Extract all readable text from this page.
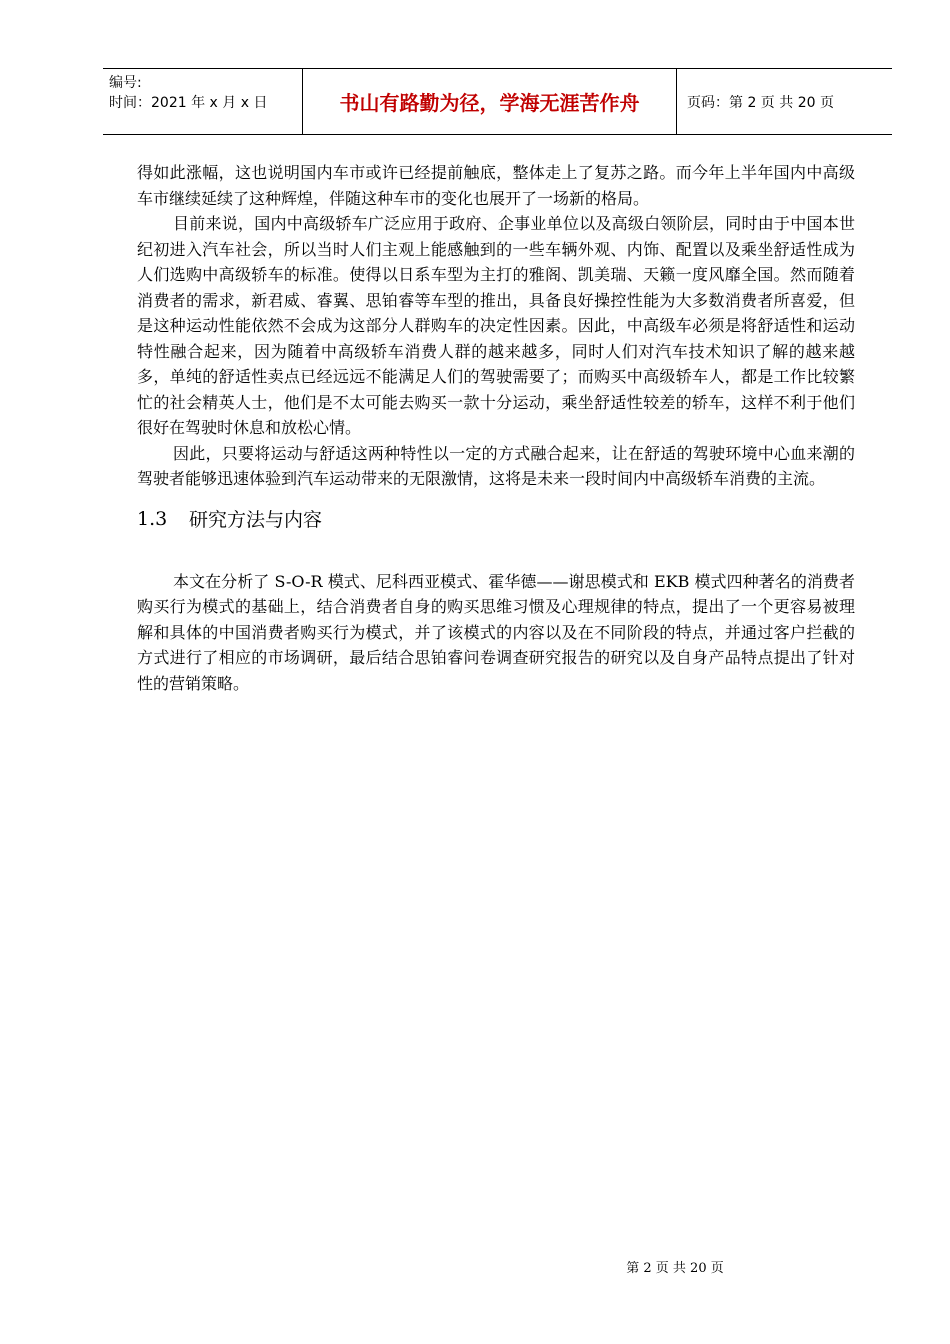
编号:
时间：2021 年 x 月 x 日	书山有路勤为径，学海无涯苦作舟	页码：第 2 页 共 20 页

得如此涨幅，这也说明国内车市或许已经提前触底，整体走上了复苏之路。而今年上半年国内中高级车市继续延续了这种辉煌，伴随这种车市的变化也展开了一场新的格局。

目前来说，国内中高级轿车广泛应用于政府、企事业单位以及高级白领阶层，同时由于中国本世纪初进入汽车社会，所以当时人们主观上能感触到的一些车辆外观、内饰、配置以及乘坐舒适性成为人们选购中高级轿车的标准。使得以日系车型为主打的雅阁、凯美瑞、天籁一度风靡全国。然而随着消费者的需求，新君威、睿翼、思铂睿等车型的推出，具备良好操控性能为大多数消费者所喜爱，但是这种运动性能依然不会成为这部分人群购车的决定性因素。因此，中高级车必须是将舒适性和运动特性融合起来，因为随着中高级轿车消费人群的越来越多，同时人们对汽车技术知识了解的越来越多，单纯的舒适性卖点已经远远不能满足人们的驾驶需要了；而购买中高级轿车人，都是工作比较繁忙的社会精英人士，他们是不太可能去购买一款十分运动，乘坐舒适性较差的轿车，这样不利于他们很好在驾驶时休息和放松心情。

因此，只要将运动与舒适这两种特性以一定的方式融合起来，让在舒适的驾驶环境中心血来潮的驾驶者能够迅速体验到汽车运动带来的无限激情，这将是未来一段时间内中高级轿车消费的主流。

1.3	研究方法与内容

本文在分析了 S-O-R 模式、尼科西亚模式、霍华德——谢思模式和 EKB 模式四种著名的消费者购买行为模式的基础上，结合消费者自身的购买思维习惯及心理规律的特点，提出了一个更容易被理解和具体的中国消费者购买行为模式，并了该模式的内容以及在不同阶段的特点，并通过客户拦截的方式进行了相应的市场调研，最后结合思铂睿问卷调查研究报告的研究以及自身产品特点提出了针对性的营销策略。

第 2 页 共 20 页
